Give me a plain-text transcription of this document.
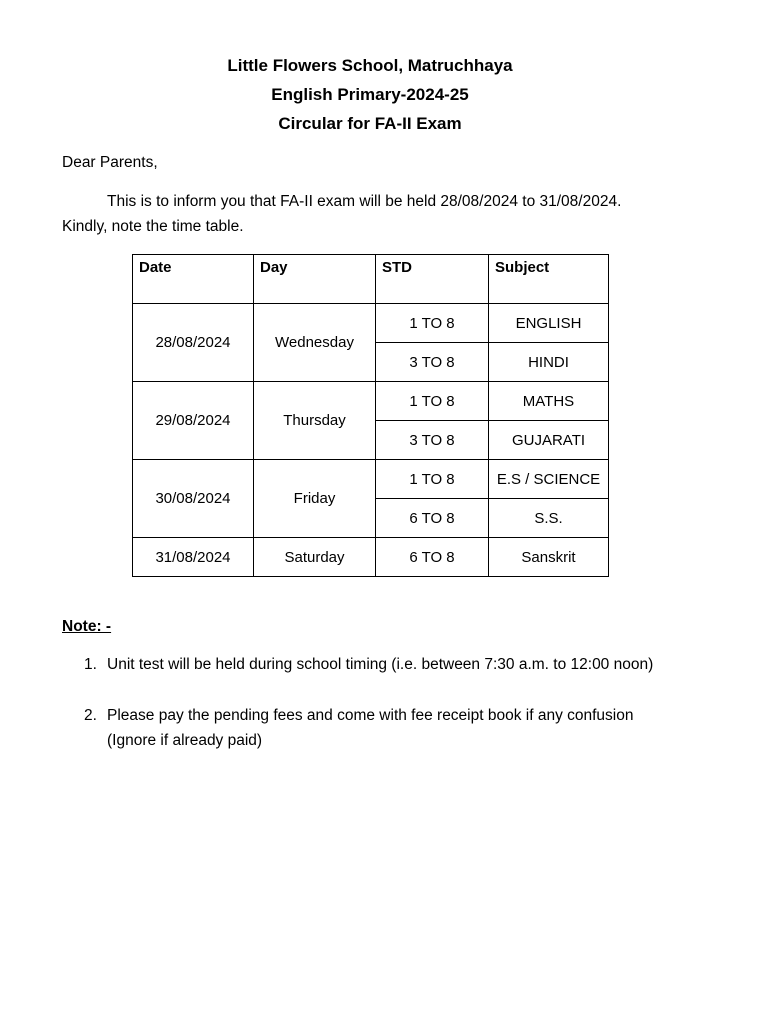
Little Flowers School, Matruchhaya
English Primary-2024-25
Circular for FA-II Exam
Dear Parents,
This is to inform you that FA-II exam will be held 28/08/2024 to 31/08/2024.
Kindly, note the time table.
Date	Day	STD	Subject
28/08/2024	Wednesday	1 TO 8	ENGLISH
		3 TO 8	HINDI
29/08/2024	Thursday	1 TO 8	MATHS
		3 TO 8	GUJARATI
30/08/2024	Friday	1 TO 8	E.S / SCIENCE
		6 TO 8	S.S.
31/08/2024	Saturday	6 TO 8	Sanskrit
Note: -
1. Unit test will be held during school timing (i.e. between 7:30 a.m. to 12:00 noon)
2. Please pay the pending fees and come with fee receipt book if any confusion (Ignore if already paid)
